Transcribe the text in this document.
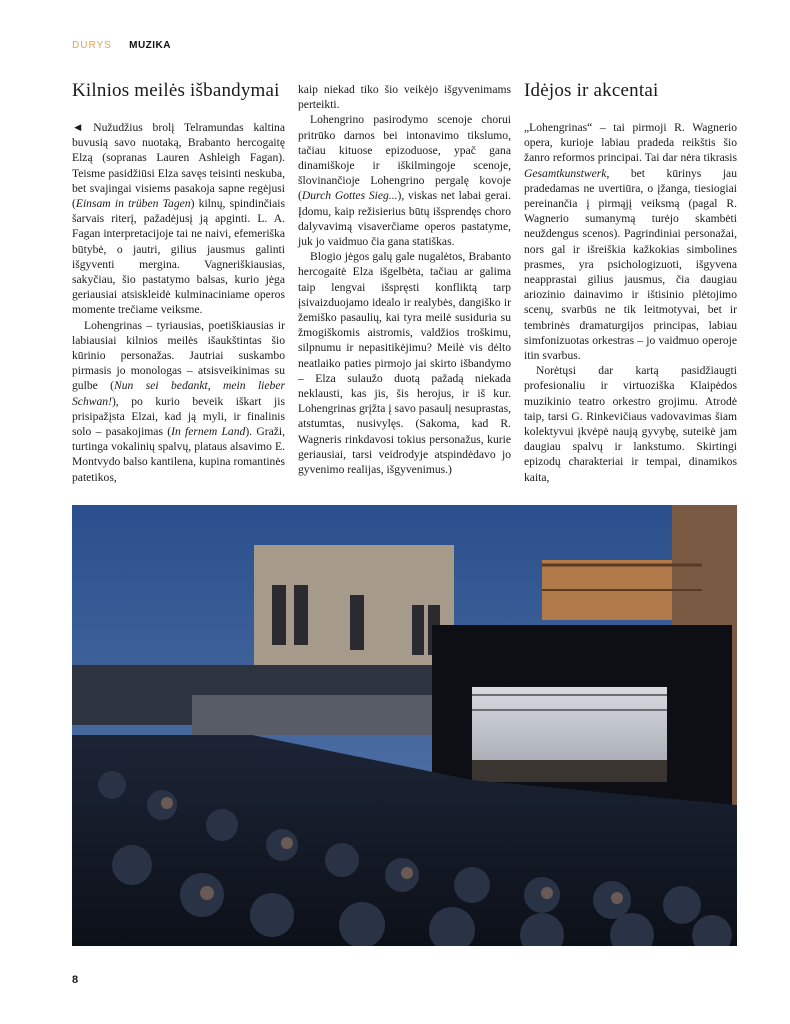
DURYS MUZIKA
Kilnios meilės išbandymai

◄ Nužudžius brolį Telramundas kaltina buvusią savo nuotaką, Brabanto hercogaitę Elzą (sopranas Lauren Ashleigh Fagan). Teisme pasidžiūsi Elza savęs teisinti neskuba, bet svajingai visiems pasakoja sapne regėjusi (Einsam in trüben Tagen) kilnų, spindinčiais šarvais riterį, pažadėjusį ją apginti. L. A. Fagan interpretacijoje tai ne naivi, efemeriška būtybė, o jautri, gilius jausmus galinti išgyventi mergina. Vagneriškiausias, sakyčiau, šio pastatymo balsas, kurio jėga geriausiai atsiskleidė kulminaciniame operos momente trečiame veiksme.

Lohengrinas – tyriausias, poetiškiausias ir labiausiai kilnios meilės išaukštintas šio kūrinio personažas. Jautriai suskambo pirmasis jo monologas – atsisveikinimas su gulbe (Nun sei bedankt, mein lieber Schwan!), po kurio beveik iškart jis prisipažįsta Elzai, kad ją myli, ir finalinis solo – pasakojimas (In fernem Land). Graži, turtinga vokalinių spalvų, plataus alsavimo E. Montvydo balso kantilena, kupina romantinės patetikos,

kaip niekad tiko šio veikėjo išgyvenimams perteikti.

Lohengrino pasirodymo scenoje chorui pritrūko darnos bei intonavimo tikslumo, tačiau kituose epizoduose, ypač gana dinamiškoje ir iškilmingoje scenoje, šlovinančioje Lohengrino pergalę kovoje (Durch Gottes Sieg...), viskas net labai gerai. Įdomu, kaip režisierius būtų išsprendęs choro dalyvavimą visaverčiame operos pastatyme, juk jo vaidmuo čia gana statiškas.

Blogio jėgos galų gale nugalėtos, Brabanto hercogaitė Elza išgelbėta, tačiau ar galima taip lengvai išspręsti konfliktą tarp įsivaizduojamo idealo ir realybės, dangiško ir žemiško pasaulių, kai tyra meilė susiduria su žmogiškomis aistromis, valdžios troškimu, silpnumu ir nepasitikėjimu? Meilė vis dėlto neatlaiko paties pirmojo jai skirto išbandymo – Elza sulaužo duotą pažadą niekada neklausti, kas jis, šis herojus, ir iš kur. Lohengrinas grįžta į savo pasaulį nesuprastas, atstumtas, nusivylęs. (Sakoma, kad R. Wagneris rinkdavosi tokius personažus, kurie geriausiai, tarsi veidrodyje atspindėdavo jo gyvenimo realijas, išgyvenimus.)

Idėjos ir akcentai

„Lohengrinas“ – tai pirmoji R. Wagnerio opera, kurioje labiau pradeda reikštis šio žanro reformos principai. Tai dar nėra tikrasis Gesamtkunstwerk, bet kūrinys jau pradedamas ne uvertiūra, o įžanga, tiesiogiai pereinančia į pirmąjį veiksmą (pagal R. Wagnerio sumanymą turėjo skambėti neuždengus scenos). Pagrindiniai personažai, nors gal ir išreiškia kažkokias simbolines prasmes, yra psichologizuoti, išgyvena neapprastai gilius jausmus, čia daugiau ariozinio dainavimo ir ištisinio plėtojimo scenų, svarbūs ne tik leitmotyvai, bet ir tembrinės dramaturgijos principas, labiau simfonizuotas orkestras – jo vaidmuo operoje itin svarbus.

Norėtųsi dar kartą pasidžiaugti profesionaliu ir virtuoziška Klaipėdos muzikinio teatro orkestro grojimu. Atrodė taip, tarsi G. Rinkevičiaus vadovavimas šiam kolektyvui įkvėpė naują gyvybę, suteikė jam daugiau spalvų ir lankstumo. Skirtingi epizodų charakteriai ir tempai, dinamikos kaita,

8
